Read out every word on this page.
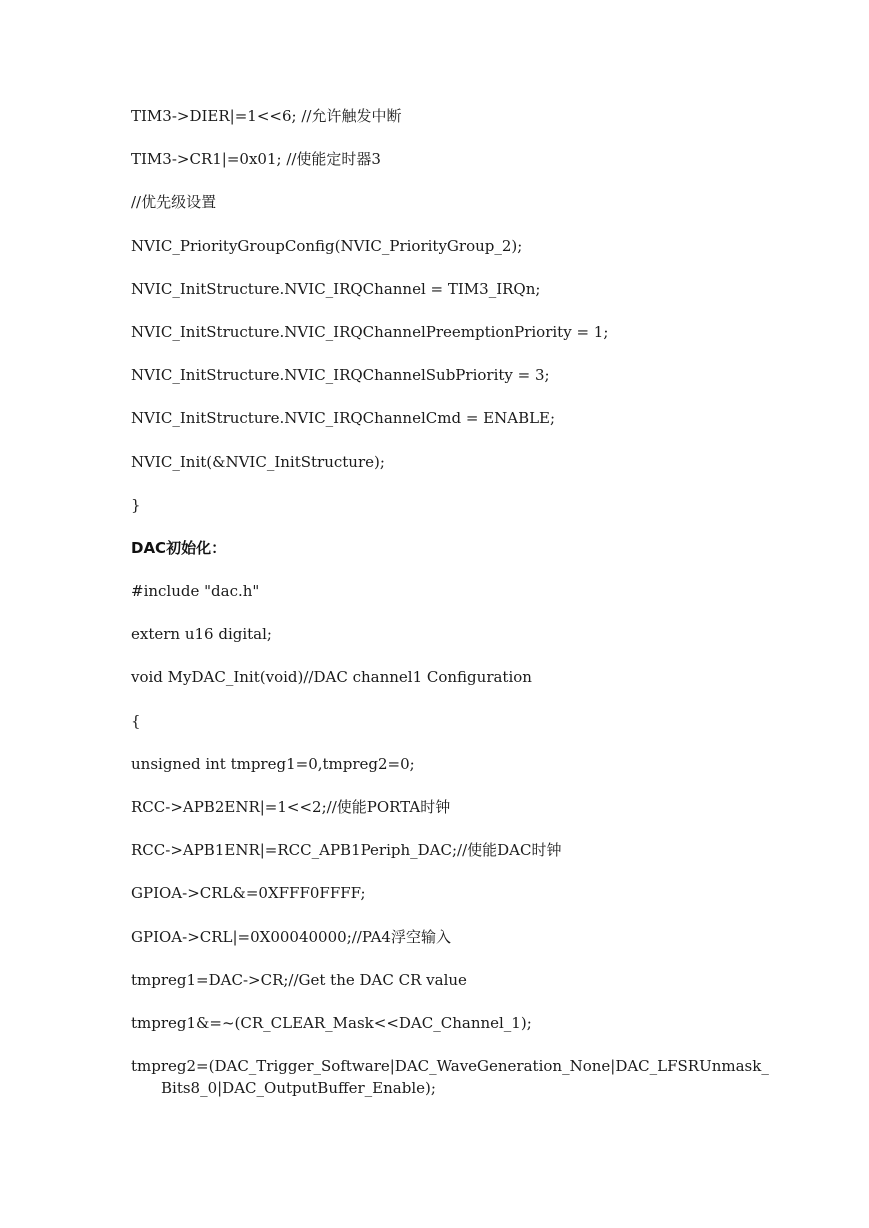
TIM3->DIER|=1<<6; //允许触发中断
TIM3->CR1|=0x01; //使能定时器3
//优先级设置
NVIC_PriorityGroupConfig(NVIC_PriorityGroup_2);
NVIC_InitStructure.NVIC_IRQChannel = TIM3_IRQn;
NVIC_InitStructure.NVIC_IRQChannelPreemptionPriority = 1;
NVIC_InitStructure.NVIC_IRQChannelSubPriority = 3;
NVIC_InitStructure.NVIC_IRQChannelCmd = ENABLE;
NVIC_Init(&NVIC_InitStructure);
}
DAC初始化：
#include "dac.h"
extern u16 digital;
void MyDAC_Init(void)//DAC channel1 Configuration
{
unsigned int tmpreg1=0,tmpreg2=0;
RCC->APB2ENR|=1<<2;//使能PORTA时钟
RCC->APB1ENR|=RCC_APB1Periph_DAC;//使能DAC时钟
GPIOA->CRL&=0XFFF0FFFF;
GPIOA->CRL|=0X00040000;//PA4浮空输入
tmpreg1=DAC->CR;//Get the DAC CR value
tmpreg1&=~(CR_CLEAR_Mask<<DAC_Channel_1);
tmpreg2=(DAC_Trigger_Software|DAC_WaveGeneration_None|DAC_LFSRUnmask_Bits8_0|DAC_OutputBuffer_Enable);
